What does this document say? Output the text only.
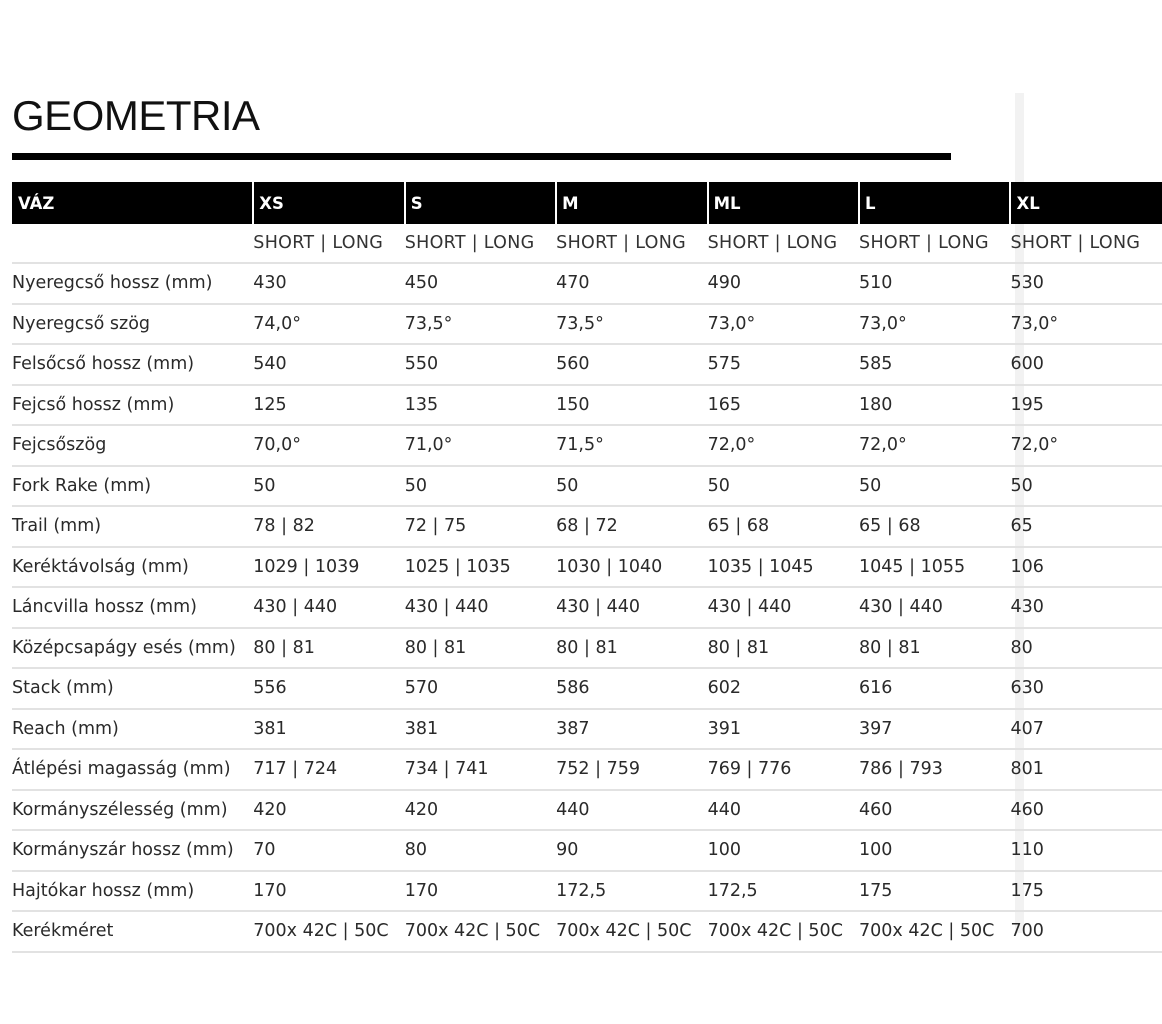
GEOMETRIA
VÁZ	XS	S	M	ML	L	XL
	SHORT | LONG	SHORT | LONG	SHORT | LONG	SHORT | LONG	SHORT | LONG	SHORT | LONG
Nyeregcső hossz (mm)	430	450	470	490	510	530
Nyeregcső szög	74,0°	73,5°	73,5°	73,0°	73,0°	73,0°
Felsőcső hossz (mm)	540	550	560	575	585	600
Fejcső hossz (mm)	125	135	150	165	180	195
Fejcsőszög	70,0°	71,0°	71,5°	72,0°	72,0°	72,0°
Fork Rake (mm)	50	50	50	50	50	50
Trail (mm)	78 | 82	72 | 75	68 | 72	65 | 68	65 | 68	65
Keréktávolság (mm)	1029 | 1039	1025 | 1035	1030 | 1040	1035 | 1045	1045 | 1055	106
Láncvilla hossz (mm)	430 | 440	430 | 440	430 | 440	430 | 440	430 | 440	430
Középcsapágy esés (mm)	80 | 81	80 | 81	80 | 81	80 | 81	80 | 81	80
Stack (mm)	556	570	586	602	616	630
Reach (mm)	381	381	387	391	397	407
Átlépési magasság (mm)	717 | 724	734 | 741	752 | 759	769 | 776	786 | 793	801
Kormányszélesség (mm)	420	420	440	440	460	460
Kormányszár hossz (mm)	70	80	90	100	100	110
Hajtókar hossz (mm)	170	170	172,5	172,5	175	175
Kerékméret	700x 42C | 50C	700x 42C | 50C	700x 42C | 50C	700x 42C | 50C	700x 42C | 50C	700
